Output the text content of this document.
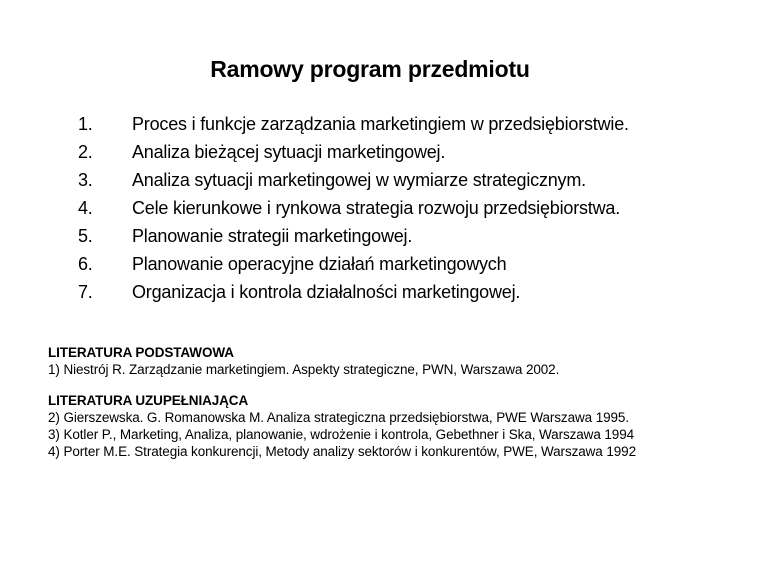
Ramowy program przedmiotu
1. Proces i funkcje zarządzania marketingiem w przedsiębiorstwie.
2. Analiza bieżącej sytuacji marketingowej.
3. Analiza sytuacji marketingowej w wymiarze strategicznym.
4. Cele kierunkowe i rynkowa strategia rozwoju przedsiębiorstwa.
5. Planowanie strategii marketingowej.
6. Planowanie operacyjne działań marketingowych
7. Organizacja i kontrola działalności marketingowej.
LITERATURA PODSTAWOWA
1) Niestrój R. Zarządzanie marketingiem. Aspekty strategiczne, PWN, Warszawa 2002.
LITERATURA UZUPEŁNIAJĄCA
2) Gierszewska. G. Romanowska M. Analiza strategiczna przedsiębiorstwa, PWE Warszawa 1995.
3) Kotler P., Marketing, Analiza, planowanie, wdrożenie i kontrola, Gebethner i Ska, Warszawa 1994
4) Porter M.E. Strategia konkurencji, Metody analizy sektorów i konkurentów, PWE, Warszawa 1992
